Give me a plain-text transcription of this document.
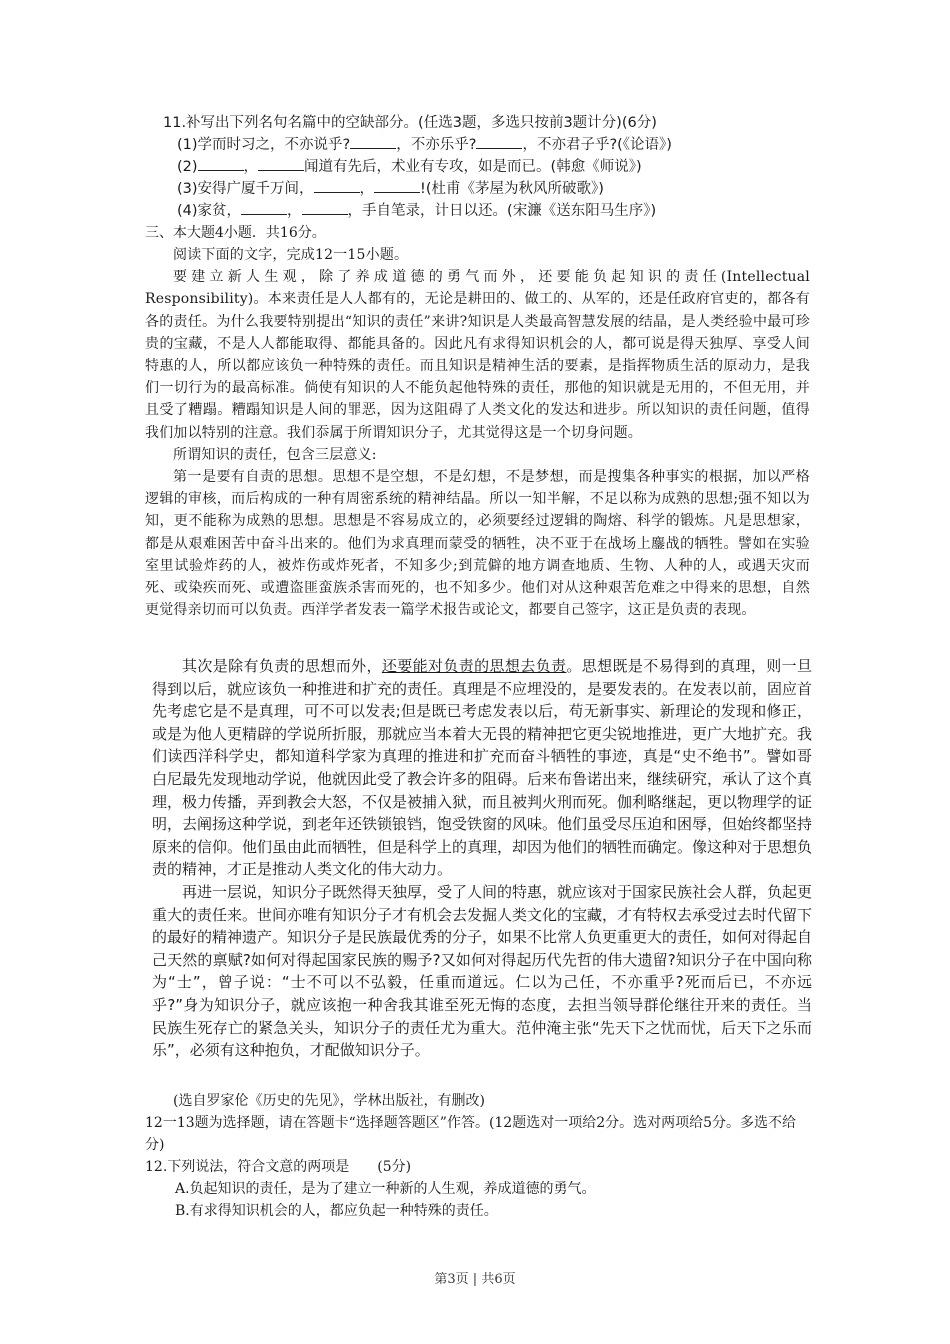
11.补写出下列名句名篇中的空缺部分。(任选3题，多选只按前3题计分)(6分)
(1)学而时习之，不亦说乎?	，不亦乐乎?	，不亦君子乎?(《论语》)
(2)	，	闻道有先后，术业有专攻，如是而已。(韩愈《师说》)
(3)安得广厦千万间，	，	!(杜甫《茅屋为秋风所破歌》)
(4)家贫，	，	，手自笔录，计日以还。(宋濂《送东阳马生序》)
三、本大题4小题．共16分。

阅读下面的文字，完成12一15小题。

要建立新人生观，除了养成道德的勇气而外，还要能负起知识的责任(Intellectual Responsibility)。本来责任是人人都有的，无论是耕田的、做工的、从军的，还是任政府官吏的，都各有各的责任。为什么我要特别提出“知识的责任”来讲?知识是人类最高智慧发展的结晶，是人类经验中最可珍贵的宝藏，不是人人都能取得、都能具备的。因此凡有求得知识机会的人，都可说是得天独厚、享受人间特惠的人，所以都应该负一种特殊的责任。而且知识是精神生活的要素，是指挥物质生活的原动力，是我们一切行为的最高标准。倘使有知识的人不能负起他特殊的责任，那他的知识就是无用的，不但无用，并且受了糟蹋。糟蹋知识是人间的罪恶，因为这阻碍了人类文化的发达和进步。所以知识的责任问题，值得我们加以特别的注意。我们忝属于所谓知识分子，尤其觉得这是一个切身问题。

所谓知识的责任，包含三层意义:

第一是要有自责的思想。思想不是空想，不是幻想，不是梦想，而是搜集各种事实的根据，加以严格逻辑的审核，而后构成的一种有周密系统的精神结晶。所以一知半解，不足以称为成熟的思想;强不知以为知，更不能称为成熟的思想。思想是不容易成立的，必须要经过逻辑的陶熔、科学的锻炼。凡是思想家，都是从艰难困苦中奋斗出来的。他们为求真理而蒙受的牺牲，决不亚于在战场上鏖战的牺牲。譬如在实验室里试验炸药的人，被炸伤或炸死者，不知多少;到荒僻的地方调查地质、生物、人种的人，或遇天灾而死、或染疾而死、或遭盗匪蛮族杀害而死的，也不知多少。他们对从这种艰苦危难之中得来的思想，自然更觉得亲切而可以负责。西洋学者发表一篇学术报告或论文，都要自己签字，这正是负责的表现。

其次是除有负责的思想而外，还要能对负责的思想去负责。思想既是不易得到的真理，则一旦得到以后，就应该负一种推进和扩充的责任。真理是不应埋没的，是要发表的。在发表以前，固应首先考虑它是不是真理，可不可以发表;但是既已考虑发表以后，苟无新事实、新理论的发现和修正，或是为他人更精辟的学说所折服，那就应当本着大无畏的精神把它更尖锐地推进，更广大地扩充。我们读西洋科学史，都知道科学家为真理的推进和扩充而奋斗牺牲的事迹，真是“史不绝书”。譬如哥白尼最先发现地动学说，他就因此受了教会许多的阻碍。后来布鲁诺出来，继续研究，承认了这个真理，极力传播，弄到教会大怒，不仅是被捕入狱，而且被判火刑而死。伽利略继起，更以物理学的证明，去阐扬这种学说，到老年还铁锁锒铛，饱受铁窗的风味。他们虽受尽压迫和困辱，但始终都坚持原来的信仰。他们虽由此而牺牲，但是科学上的真理，却因为他们的牺牲而确定。像这种对于思想负责的精神，才正是推动人类文化的伟大动力。

再进一层说，知识分子既然得天独厚，受了人间的特惠，就应该对于国家民族社会人群，负起更重大的责任来。世间亦唯有知识分子才有机会去发掘人类文化的宝藏，才有特权去承受过去时代留下的最好的精神遗产。知识分子是民族最优秀的分子，如果不比常人负更重更大的责任，如何对得起自己天然的禀赋?如何对得起国家民族的赐予?又如何对得起历代先哲的伟大遗留?知识分子在中国向称为“士”，曾子说：“士不可以不弘毅，任重而道远。仁以为己任，不亦重乎?死而后已，不亦远乎?”身为知识分子，就应该抱一种舍我其谁至死无悔的态度，去担当领导群伦继往开来的责任。当民族生死存亡的紧急关头，知识分子的责任尤为重大。范仲淹主张“先天下之忧而忧，后天下之乐而乐”，必须有这种抱负，才配做知识分子。

(选自罗家伦《历史的先见》，学林出版社，有删改)

12一13题为选择题，请在答题卡“选择题答题区”作答。(12题选对一项给2分。选对两项给5分。多选不给分)

12.下列说法，符合文意的两项是　　(5分)

A.负起知识的责任，是为了建立一种新的人生观，养成道德的勇气。

B.有求得知识机会的人，都应负起一种特殊的责任。

第3页 | 共6页
